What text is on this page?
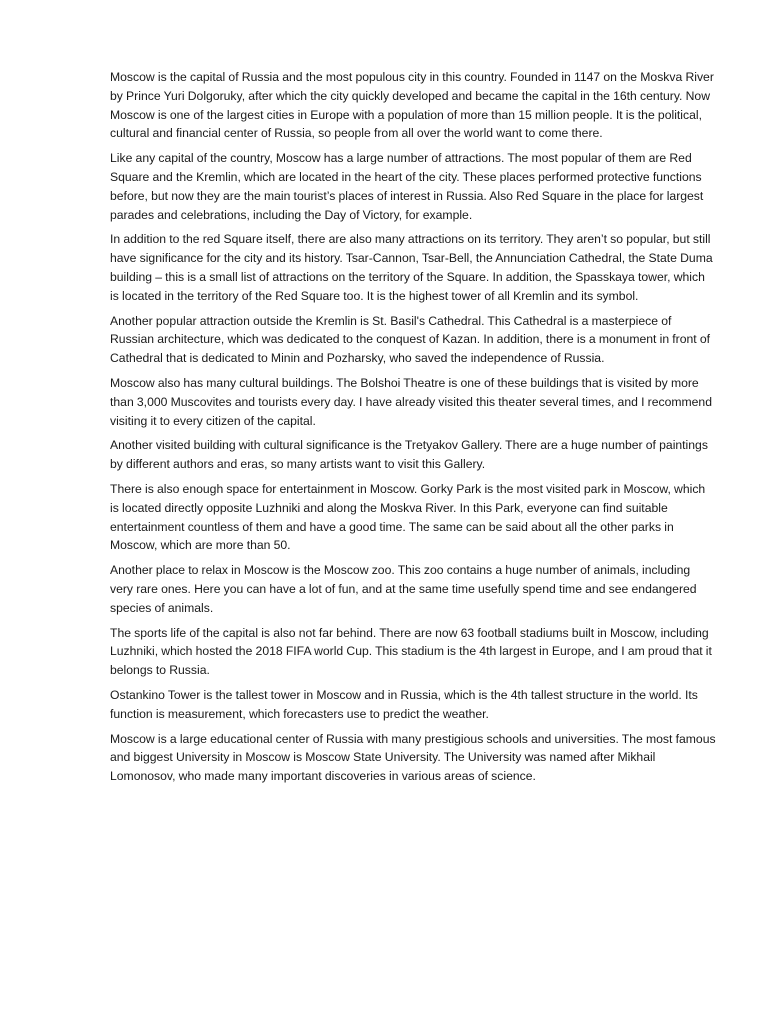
Moscow is the capital of Russia and the most populous city in this country. Founded in 1147 on the Moskva River by Prince Yuri Dolgoruky, after which the city quickly developed and became the capital in the 16th century. Now Moscow is one of the largest cities in Europe with a population of more than 15 million people. It is the political, cultural and financial center of Russia, so people from all over the world want to come there.

Like any capital of the country, Moscow has a large number of attractions. The most popular of them are Red Square and the Kremlin, which are located in the heart of the city. These places performed protective functions before, but now they are the main tourist’s places of interest in Russia. Also Red Square in the place for largest parades and celebrations, including the Day of Victory, for example.

In addition to the red Square itself, there are also many attractions on its territory. They aren’t so popular, but still have significance for the city and its history. Tsar-Cannon, Tsar-Bell, the Annunciation Cathedral, the State Duma building – this is a small list of attractions on the territory of the Square. In addition, the Spasskaya tower, which is located in the territory of the Red Square too. It is the highest tower of all Kremlin and its symbol.

Another popular attraction outside the Kremlin is St. Basil's Cathedral. This Cathedral is a masterpiece of Russian architecture, which was dedicated to the conquest of Kazan. In addition, there is a monument in front of Cathedral that is dedicated to Minin and Pozharsky, who saved the independence of Russia.

Moscow also has many cultural buildings. The Bolshoi Theatre is one of these buildings that is visited by more than 3,000 Muscovites and tourists every day. I have already visited this theater several times, and I recommend visiting it to every citizen of the capital.

Another visited building with cultural significance is the Tretyakov Gallery. There are a huge number of paintings by different authors and eras, so many artists want to visit this Gallery.

There is also enough space for entertainment in Moscow. Gorky Park is the most visited park in Moscow, which is located directly opposite Luzhniki and along the Moskva River. In this Park, everyone can find suitable entertainment countless of them and have a good time. The same can be said about all the other parks in Moscow, which are more than 50.

Another place to relax in Moscow is the Moscow zoo. This zoo contains a huge number of animals, including very rare ones. Here you can have a lot of fun, and at the same time usefully spend time and see endangered species of animals.

The sports life of the capital is also not far behind. There are now 63 football stadiums built in Moscow, including Luzhniki, which hosted the 2018 FIFA world Cup. This stadium is the 4th largest in Europe, and I am proud that it belongs to Russia.

Ostankino Tower is the tallest tower in Moscow and in Russia, which is the 4th tallest structure in the world. Its function is measurement, which forecasters use to predict the weather.

Moscow is a large educational center of Russia with many prestigious schools and universities. The most famous and biggest University in Moscow is Moscow State University. The University was named after Mikhail Lomonosov, who made many important discoveries in various areas of science.
